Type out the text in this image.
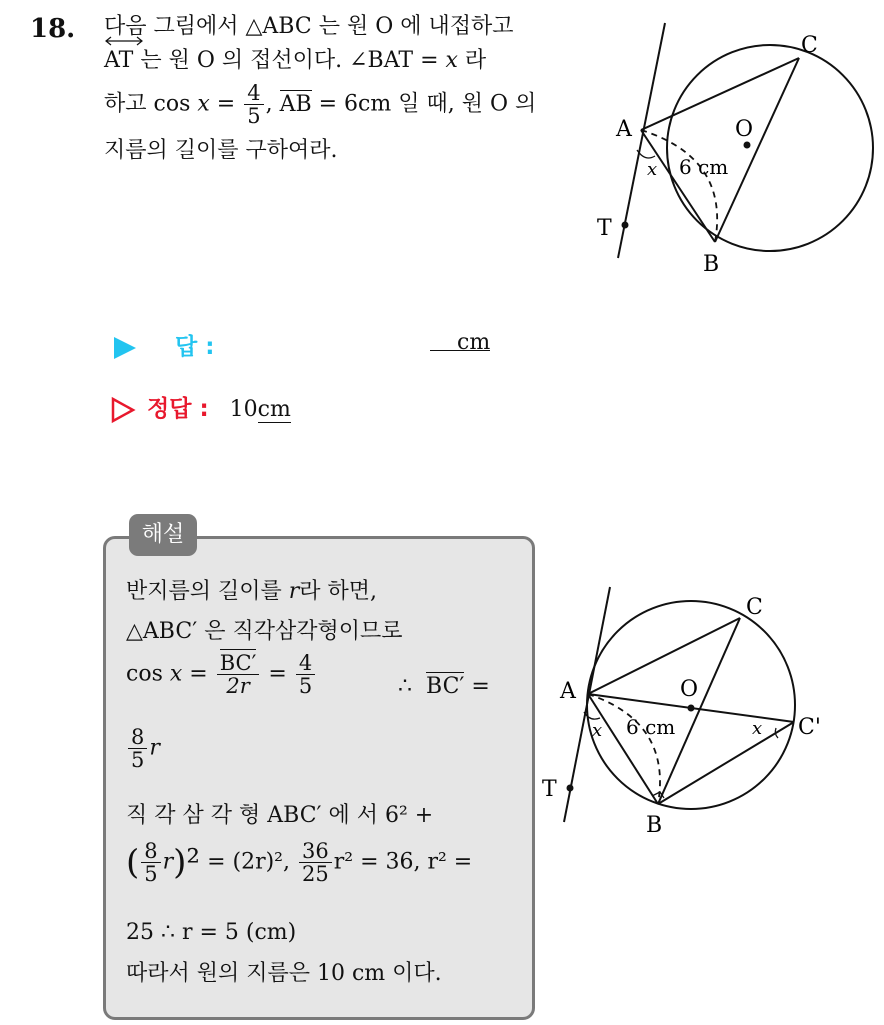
18. 다음 그림에서 △ABC 는 원 O 에 내접하고
AT 는 원 O 의 접선이다. ∠BAT = x 라
하고 $\cos x = \frac{4}{5}$ , AB = 6cm 일 때, 원 O 의
지름의 길이를 구하여라.
A
B
C
O
T
x 6 cm
답 :	cm
정답 : 10cm
해설
반지름의 길이를 r라 하면,
△ABC′ 은 직각삼각형이므로
$\cos x = \frac{BC'}{2r} = \frac{4}{5}$	∴ BC′ =
$\frac{8}{5}$ r
직 각 삼 각 형 ABC′ 에 서 6² +
( $\frac{8}{5} r)^2 = (2r)^2$, $\frac{36}{25} r^2 = 36$, r² =
25 ∴ r = 5 (cm)
따라서 원의 지름은 10 cm 이다.
A
B
C
C'
O
T
x	x
6 cm
